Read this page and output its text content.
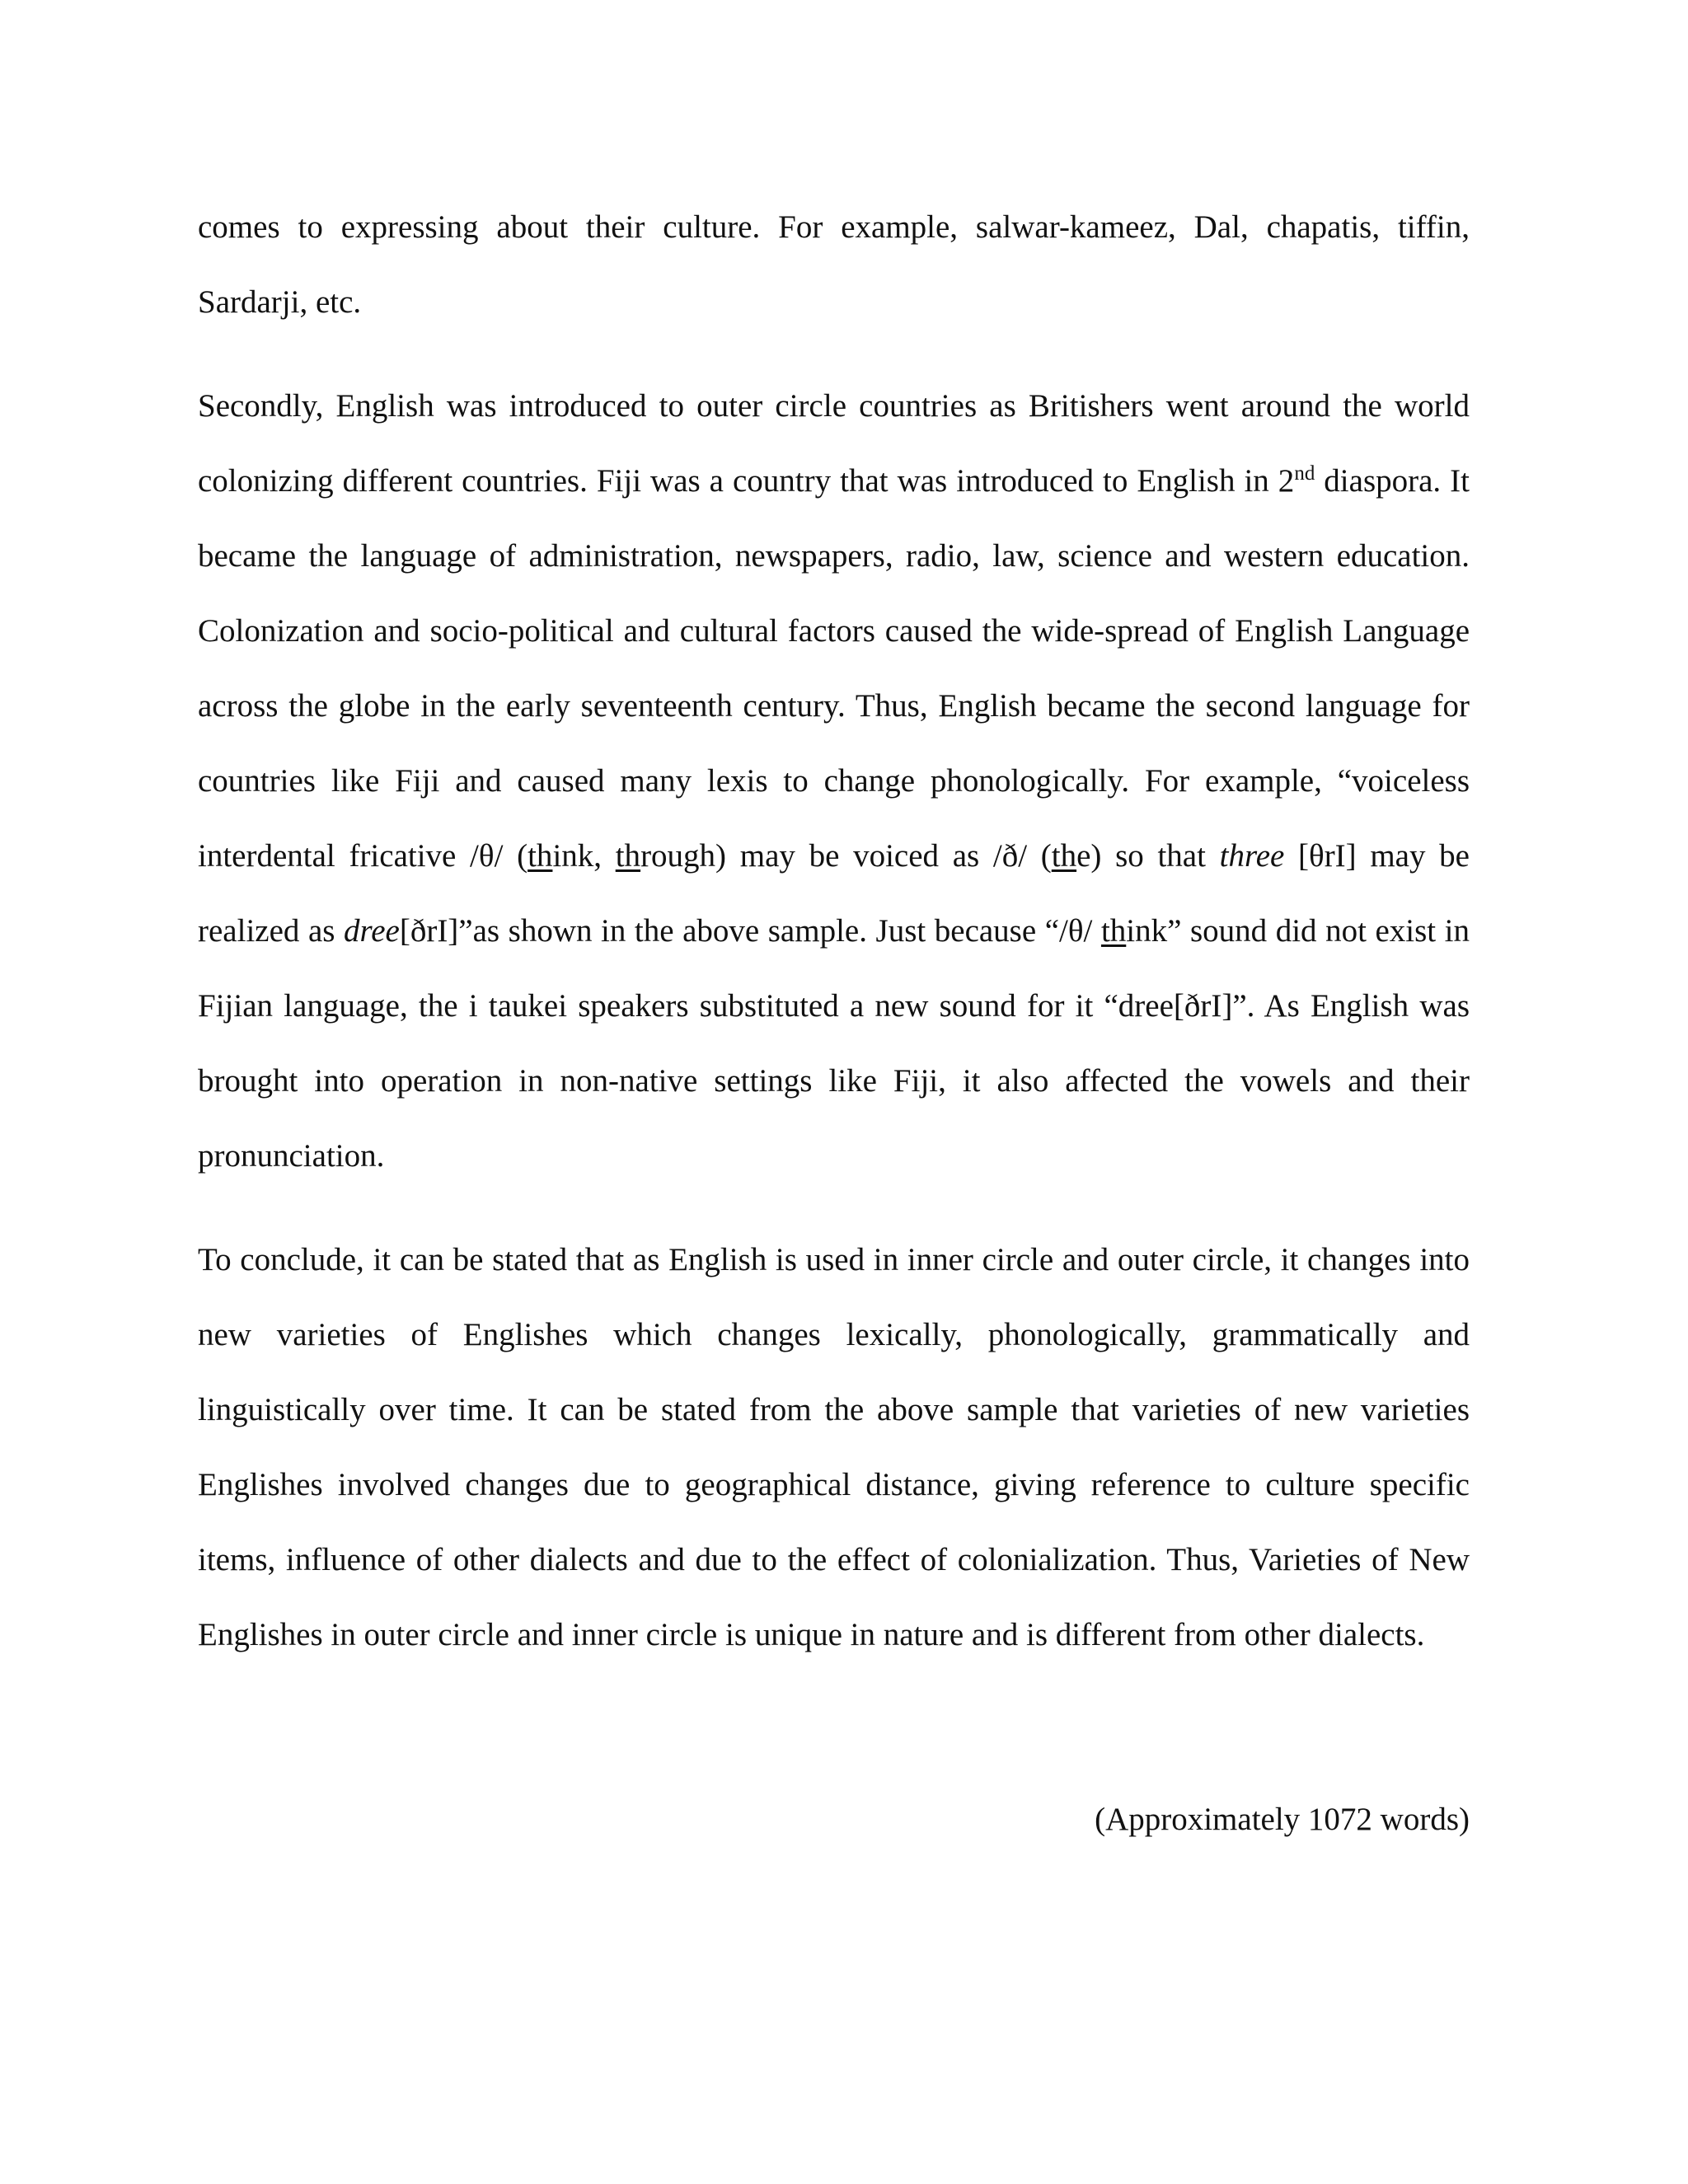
comes to expressing about their culture. For example, salwar-kameez, Dal, chapatis, tiffin, Sardarji, etc.

Secondly, English was introduced to outer circle countries as Britishers went around the world colonizing different countries. Fiji was a country that was introduced to English in 2nd diaspora. It became the language of administration, newspapers, radio, law, science and western education. Colonization and socio-political and cultural factors caused the wide-spread of English Language across the globe in the early seventeenth century. Thus, English became the second language for countries like Fiji and caused many lexis to change phonologically. For example, “voiceless interdental fricative /θ/ (think, through) may be voiced as /ð/ (the) so that three [θrI] may be realized as dree[ðrI]”as shown in the above sample. Just because “/θ/ think” sound did not exist in Fijian language, the i taukei speakers substituted a new sound for it “dree[ðrI]”. As English was brought into operation in non-native settings like Fiji, it also affected the vowels and their pronunciation.

To conclude, it can be stated that as English is used in inner circle and outer circle, it changes into new varieties of Englishes which changes lexically, phonologically, grammatically and linguistically over time. It can be stated from the above sample that varieties of new varieties Englishes involved changes due to geographical distance, giving reference to culture specific items, influence of other dialects and due to the effect of colonialization. Thus, Varieties of New Englishes in outer circle and inner circle is unique in nature and is different from other dialects.

(Approximately 1072 words)
